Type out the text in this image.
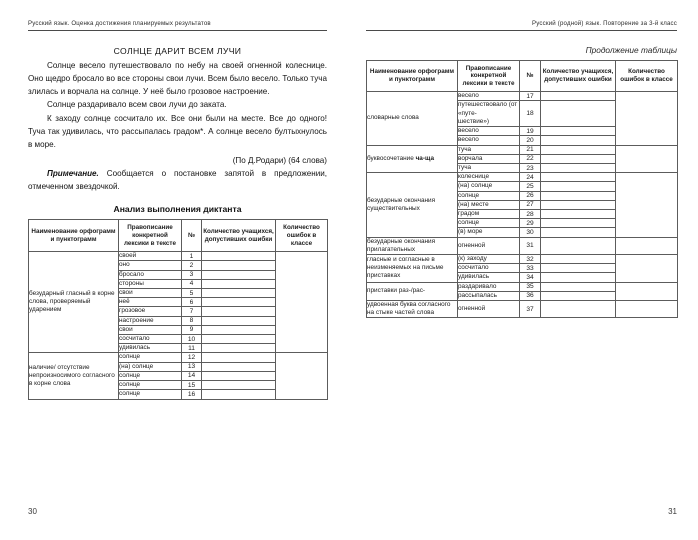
Русский язык. Оценка достижения планируемых результатов
СОЛНЦЕ ДАРИТ ВСЕМ ЛУЧИ

Солнце весело путешествовало по небу на своей огненной колеснице. Оно щедро бросало во все стороны свои лучи. Всем было весело. Только туча злилась и ворчала на солнце. У неё было грозовое настроение.

Солнце раздаривало всем свои лучи до заката.

К заходу солнце сосчитало их. Все они были на месте. Все до одного! Туча так удивилась, что рассыпалась градом*. А солнце весело бултыхнулось в море.

(По Д.Родари) (64 слова)

Примечание. Сообщается о постановке запятой в предложении, отмеченном звездочкой.

Анализ выполнения диктанта
Наименование орфограмм и пунктограмм	Правописание конкретной лексики в тексте	№	Количество учащихся, допустивших ошибки	Количество ошибок в классе
безударный гласный в корне слова, проверяемый ударением	своей	1		
	оно	2		
	бросало	3		
	стороны	4		
	свои	5		
	неё	6		
	грозовое	7		
	настроение	8		
	свои	9		
	сосчитало	10		
	удивилась	11		
наличие/ отсутствие непроизносимого согласного в корне слова	солнце	12		
	(на) солнце	13		
	солнце	14		
	солнце	15		
	солнце	16		
30
Русский (родной) язык. Повторение за 3-й класс
Продолжение таблицы
Наименование орфограмм и пунктограмм	Правописание конкретной лексики в тексте	№	Количество учащихся, допустивших ошибки	Количество ошибок в классе
словарные слова	весело	17		
	путешествовало (от «путе-
шествие»)	18		
	весело	19		
	весело	20		
буквосочетание ча-ща	туча	21		
	ворчала	22		
	туча	23		
безударные окончания существительных	колеснице	24		
	(на) солнце	25		
	солнце	26		
	(на) месте	27		
	градом	28		
	солнце	29		
	(в) море	30		
безударные окончания прилагательных	огненной	31		
гласные и согласные в неизменяемых на письме приставках	(к) заходу	32		
	сосчитало	33		
	удивилась	34		
приставки раз-/рас-	раздаривало	35		
	рассыпалась	36		
удвоенная буква согласного на стыке частей слова	огненной	37		
31
